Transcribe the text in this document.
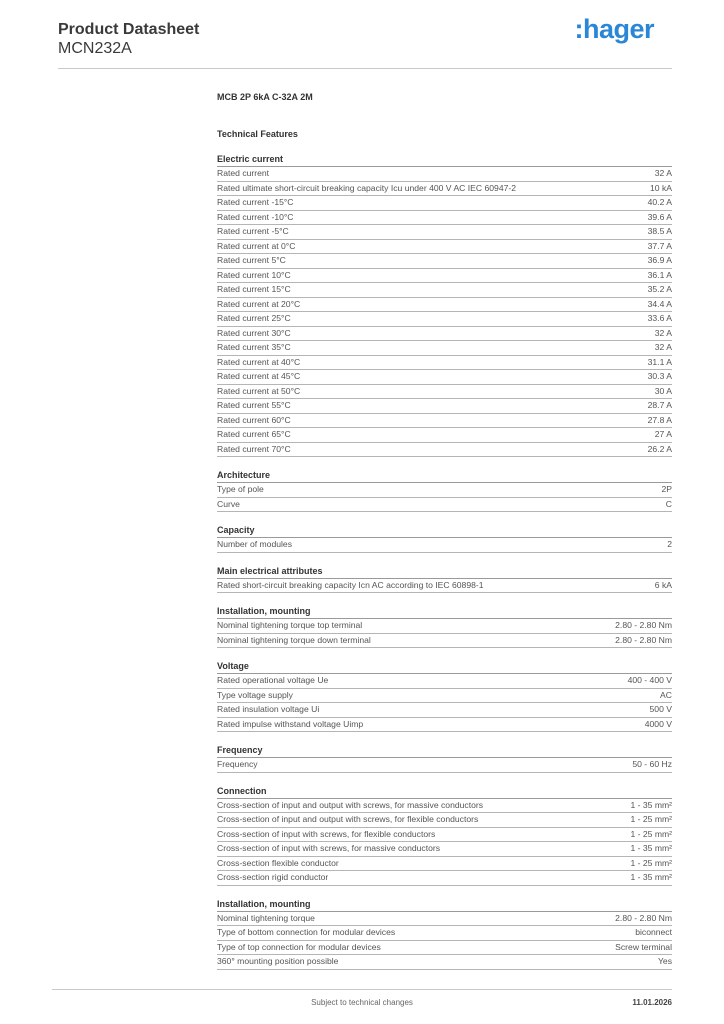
Product Datasheet
MCN232A
:hager
MCB 2P 6kA C-32A 2M
Technical Features
Electric current
Rated current	32 A
Rated ultimate short-circuit breaking capacity Icu under 400 V AC IEC 60947-2	10 kA
Rated current -15°C	40.2 A
Rated current -10°C	39.6 A
Rated current -5°C	38.5 A
Rated current at 0°C	37.7 A
Rated current 5°C	36.9 A
Rated current 10°C	36.1 A
Rated current 15°C	35.2 A
Rated current at 20°C	34.4 A
Rated current 25°C	33.6 A
Rated current 30°C	32 A
Rated current 35°C	32 A
Rated current at 40°C	31.1 A
Rated current at 45°C	30.3 A
Rated current at 50°C	30 A
Rated current 55°C	28.7 A
Rated current 60°C	27.8 A
Rated current 65°C	27 A
Rated current 70°C	26.2 A
Architecture
Type of pole	2P
Curve	C
Capacity
Number of modules	2
Main electrical attributes
Rated short-circuit breaking capacity Icn AC according to IEC 60898-1	6 kA
Installation, mounting
Nominal tightening torque top terminal	2.80 - 2.80 Nm
Nominal tightening torque down terminal	2.80 - 2.80 Nm
Voltage
Rated operational voltage Ue	400 - 400 V
Type voltage supply	AC
Rated insulation voltage Ui	500 V
Rated impulse withstand voltage Uimp	4000 V
Frequency
Frequency	50 - 60 Hz
Connection
Cross-section of input and output with screws, for massive conductors	1 - 35 mm²
Cross-section of input and output with screws, for flexible conductors	1 - 25 mm²
Cross-section of input with screws, for flexible conductors	1 - 25 mm²
Cross-section of input with screws, for massive conductors	1 - 35 mm²
Cross-section flexible conductor	1 - 25 mm²
Cross-section rigid conductor	1 - 35 mm²
Installation, mounting
Nominal tightening torque	2.80 - 2.80 Nm
Type of bottom connection for modular devices	biconnect
Type of top connection for modular devices	Screw terminal
360° mounting position possible	Yes
Subject to technical changes	11.01.2026
